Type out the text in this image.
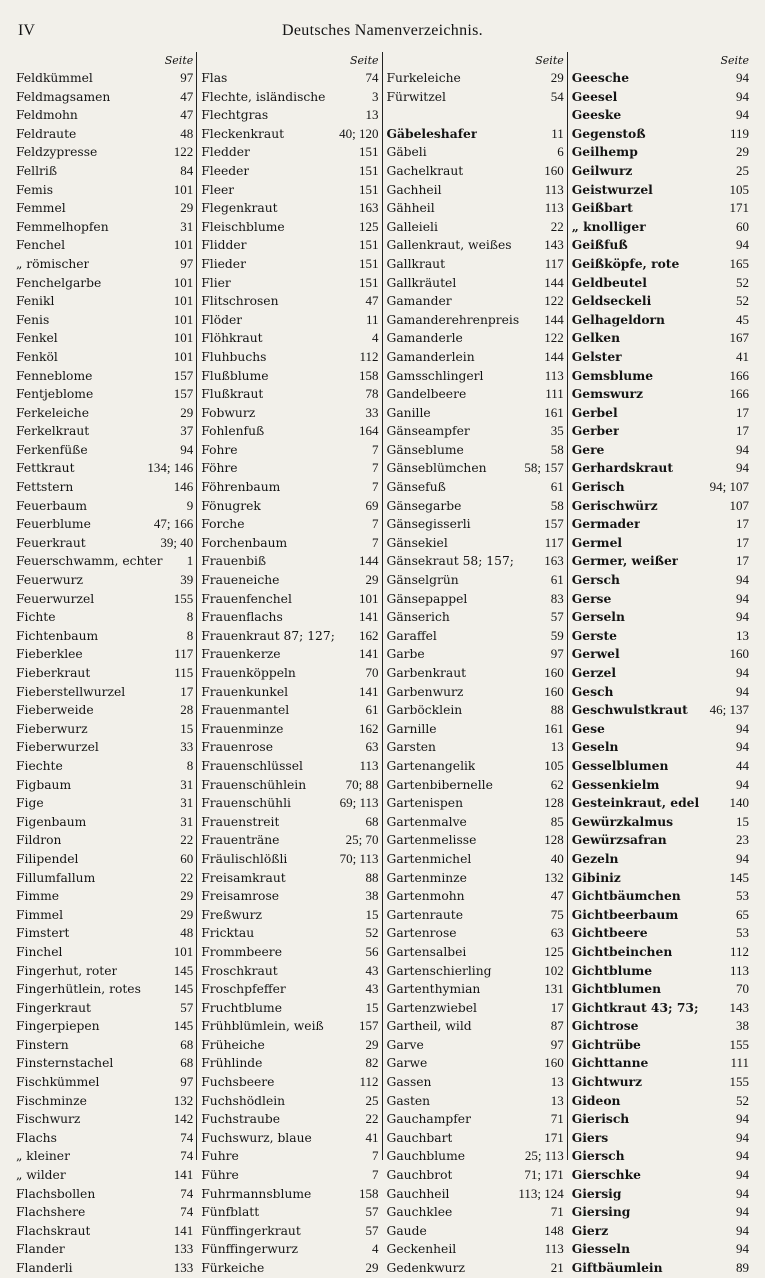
IV	Deutsches Namenverzeichnis.
Seite
Feldkümmel	97
Feldmagsamen	47
Feldmohn	47
Feldraute	48
Feldzypresse	122
Fellriß	84
Femis	101
Femmel	29
Femmelhopfen	31
Fenchel	101
„ römischer	97
Fenchelgarbe	101
Fenikl	101
Fenis	101
Fenkel	101
Fenköl	101
Fenneblome	157
Fentjeblome	157
Ferkeleiche	29
Ferkelkraut	37
Ferkenfüße	94
Fettkraut	134; 146
Fettstern	146
Feuerbaum	9
Feuerblume	47; 166
Feuerkraut	39; 40
Feuerschwamm, echter	1
Feuerwurz	39
Feuerwurzel	155
Fichte	8
Fichtenbaum	8
Fieberklee	117
Fieberkraut	115
Fieberstellwurzel	17
Fieberweide	28
Fieberwurz	15
Fieberwurzel	33
Fiechte	8
Figbaum	31
Fige	31
Figenbaum	31
Fildron	22
Filipendel	60
Fillumfallum	22
Fimme	29
Fimmel	29
Fimstert	48
Finchel	101
Fingerhut, roter	145
Fingerhütlein, rotes	145
Fingerkraut	57
Fingerpiepen	145
Finstern	68
Finsternstachel	68
Fischkümmel	97
Fischminze	132
Fischwurz	142
Flachs	74
„ kleiner	74
„ wilder	141
Flachsbollen	74
Flachshere	74
Flachskraut	141
Flander	133
Flanderli	133
Seite
Flas	74
Flechte, isländische	3
Flechtgras	13
Fleckenkraut	40; 120
Fledder	151
Fleeder	151
Fleer	151
Flegenkraut	163
Fleischblume	125
Flidder	151
Flieder	151
Flier	151
Flitschrosen	47
Flöder	11
Flöhkraut	4
Fluhbuchs	112
Flußblume	158
Flußkraut	78
Fobwurz	33
Fohlenfuß	164
Fohre	7
Föhre	7
Föhrenbaum	7
Fönugrek	69
Forche	7
Forchenbaum	7
Frauenbiß	144
Fraueneiche	29
Frauenfenchel	101
Frauenflachs	141
Frauenkraut 87; 127;	162
Frauenkerze	141
Frauenköppeln	70
Frauenkunkel	141
Frauenmantel	61
Frauenminze	162
Frauenrose	63
Frauenschlüssel	113
Frauenschühlein	70; 88
Frauenschühli	69; 113
Frauenstreit	68
Frauentränе	25; 70
Fräulischlößli	70; 113
Freisamkraut	88
Freisamrose	38
Freßwurz	15
Fricktau	52
Frommbeere	56
Froschkraut	43
Froschpfeffer	43
Fruchtblume	15
Frühblümlein, weiß	157
Früheiche	29
Frühlinde	82
Fuchsbeere	112
Fuchshödlein	25
Fuchstraube	22
Fuchswurz, blaue	41
Fuhre	7
Führe	7
Fuhrmannsblume	158
Fünfblatt	57
Fünffingerkraut	57
Fünffingerwurz	4
Fürkeiche	29
Seite
Furkeleiche	29
Fürwitzel	54
Gäbeleshafer	11
Gäbeli	6
Gachelkraut	160
Gachheil	113
Gähheil	113
Galleieli	22
Gallenkraut, weißes	143
Gallkraut	117
Gallkräutel	144
Gamander	122
Gamanderehrenpreis	144
Gamanderle	122
Gamanderlein	144
Gamsschlingerl	113
Gandelbeere	111
Ganille	161
Gänseampfer	35
Gänseblume	58
Gänseblümchen	58; 157
Gänsefuß	61
Gänsegarbe	58
Gänsegisserli	157
Gänsekiel	117
Gänsekraut 58; 157;	163
Gänselgrün	61
Gänsepappel	83
Gänserich	57
Garaffel	59
Garbe	97
Garbenkraut	160
Garbenwurz	160
Garböcklein	88
Garnille	161
Garsten	13
Gartenangelik	105
Gartenbibernelle	62
Gartenispen	128
Gartenmalve	85
Gartenmelisse	128
Gartenmichel	40
Gartenminze	132
Gartenmohn	47
Gartenraute	75
Gartenrose	63
Gartensalbei	125
Gartenschierling	102
Gartenthymian	131
Gartenzwiebel	17
Gartheil, wild	87
Garve	97
Garwe	160
Gassen	13
Gasten	13
Gauchampfer	71
Gauchbart	171
Gauchblume	25; 113
Gauchbrot	71; 171
Gauchheil	113; 124
Gauchklee	71
Gaude	148
Geckenheil	113
Gedenkwurz	21
Seite
Geesche	94
Geesel	94
Geeske	94
Gegenstoß	119
Geilhemp	29
Geilwurz	25
Geistwurzel	105
Geißbart	171
„ knolliger	60
Geißfuß	94
Geißköpfe, rote	165
Geldbeutel	52
Geldseckeli	52
Gelhageldorn	45
Gelken	167
Gelster	41
Gemsblume	166
Gemswurz	166
Gerbel	17
Gerber	17
Gere	94
Gerhardskraut	94
Gerisch	94; 107
Gerischwürz	107
Germader	17
Germel	17
Germer, weißer	17
Gersch	94
Gerse	94
Gerseln	94
Gerste	13
Gerwel	160
Gerzel	94
Gesch	94
Geschwulstkraut	46; 137
Gese	94
Geseln	94
Gesselblumen	44
Gessenkielm	94
Gesteinkraut, edel	140
Gewürzkalmus	15
Gewürzsafran	23
Gezeln	94
Gibiniz	145
Gichtbäumchen	53
Gichtbeerbaum	65
Gichtbeere	53
Gichtbeinchen	112
Gichtblume	113
Gichtblumen	70
Gichtkraut 43; 73;	143
Gichtrose	38
Gichtrübe	155
Gichttanne	111
Gichtwurz	155
Gideon	52
Gierisch	94
Giers	94
Giersch	94
Gierschke	94
Giersig	94
Giersing	94
Gierz	94
Giesseln	94
Giftbäumlein	89
